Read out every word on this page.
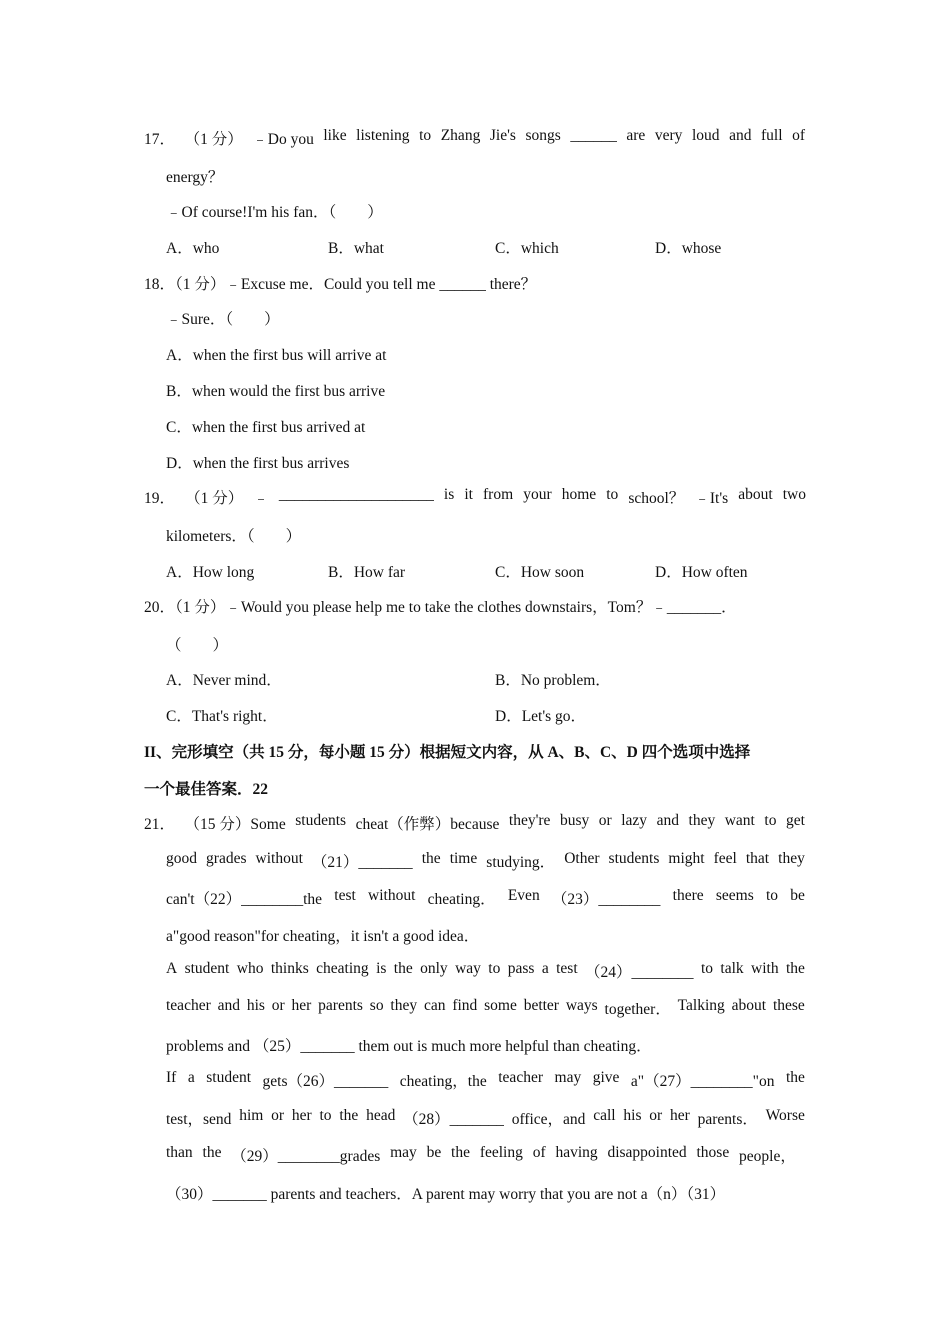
17． （1 分） ﹣Do you like listening to Zhang Jie's songs ______ are very loud and full of
energy？
﹣Of course!I'm his fan．（　　）
A．who	B．what	C．which	D．whose
18．（1 分）﹣Excuse me．Could you tell me ______ there？
﹣Sure．（　　）
A．when the first bus will arrive at
B．when would the first bus arrive
C．when the first bus arrived at
D．when the first bus arrives
19． （1 分） ﹣ ____________________ is it from your home to school？ ﹣It's about two
kilometers．（　　）
A．How long	B．How far	C．How soon	D．How often
20．（1 分）﹣Would you please help me to take the clothes downstairs，Tom？﹣_______．
（　　）
A．Never mind．	B．No problem．
C．That's right．	D．Let's go．
II、完形填空（共 15 分，每小题 15 分）根据短文内容，从 A、B、C、D 四个选项中选择
一个最佳答案．22
21． （15 分）Some students cheat（作弊）because they're busy or lazy and they want to get
good grades without （21）_______ the time studying． Other students might feel that they
can't（22）________the test without cheating． Even （23）________ there seems to be
a"good reason"for cheating，it isn't a good idea．
A student who thinks cheating is the only way to pass a test （24）________ to talk with the
teacher and his or her parents so they can find some better ways together． Talking about these
problems and （25）_______ them out is much more helpful than cheating．
If a student gets（26）_______ cheating，the teacher may give a"（27）________"on the
test，send him or her to the head （28）_______ office，and call his or her parents． Worse
than the （29）________grades may be the feeling of having disappointed those people，
（30）_______ parents and teachers．A parent may worry that you are not a（n）（31）
